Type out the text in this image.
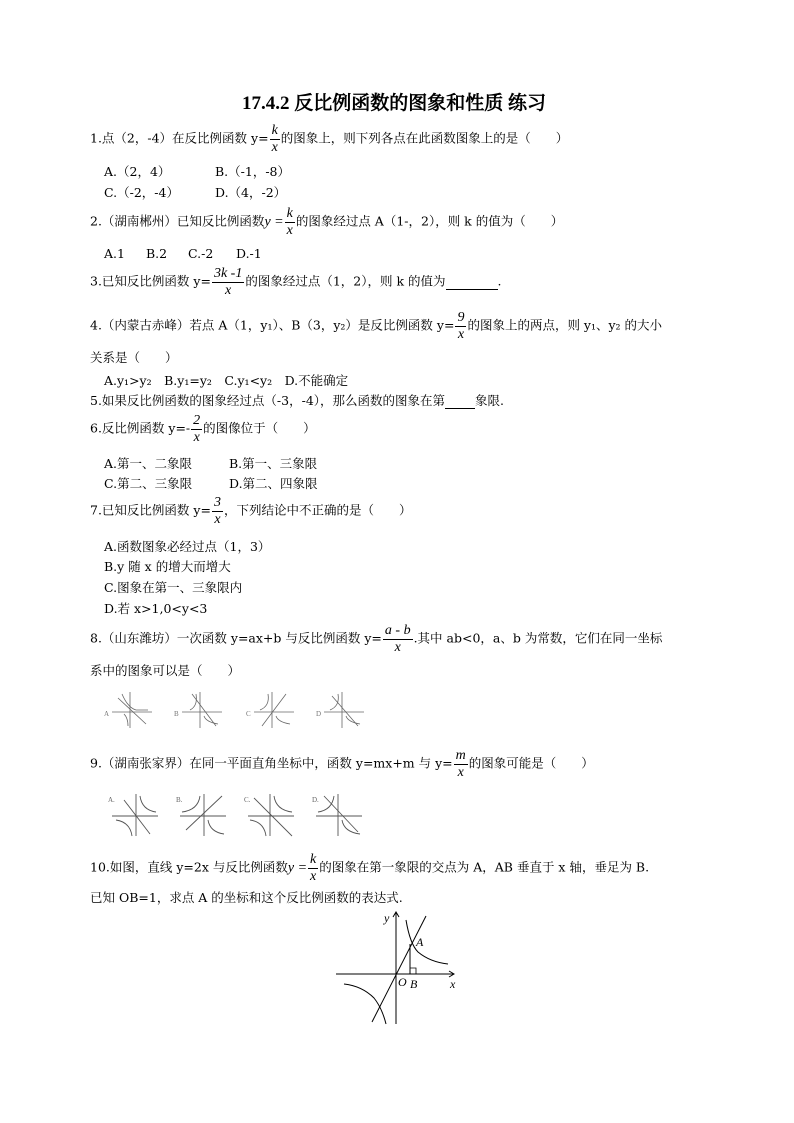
17.4.2 反比例函数的图象和性质 练习
1.点（2，-4）在反比例函数 $y= \frac{k}{x}$ 的图象上，则下列各点在此函数图象上的是（　　）
A.（2，4）	B.（-1，-8）
C.（-2，-4）	D.（4，-2）
2.（湖南郴州）已知反比例函数$y = \frac{k}{x}$ 的图象经过点 A（1-，2），则 k 的值为（　　）
A.1 B.2 C.-2 D.-1
3.已知反比例函数 $y= \frac{3k -1}{x}$ 的图象经过点（1，2），则 k 的值为	.
4.（内蒙古赤峰）若点 A（1，y₁）、B（3，y₂）是反比例函数 $y= \frac{9}{x}$ 的图象上的两点，则 y₁、y₂ 的大小
关系是（　　）
A.y₁>y₂　B.y₁=y₂　C.y₁<y₂　D.不能确定
5.如果反比例函数的图象经过点（-3，-4），那么函数的图象在第 象限.
6.反比例函数 $y=- \frac{2}{x}$ 的图像位于（　　）
A.第一、二象限	B.第一、三象限
C.第二、三象限	D.第二、四象限
7.已知反比例函数 $y= \frac{3}{x}$ ，下列结论中不正确的是（　　）
A.函数图象必经过点（1，3）
B.y 随 x 的增大而增大
C.图象在第一、三象限内
D.若 x>1,0<y<3
8.（山东潍坊）一次函数 y=ax+b 与反比例函数 $y= \frac{a - b}{x}$ .其中 ab<0，a、b 为常数，它们在同一坐标
系中的图象可以是（　　）
A	B	C	D
9.（湖南张家界）在同一平面直角坐标中，函数 y=mx+m 与 $y= \frac{m}{x}$ 的图象可能是（　　）
A.	B.	C.	D.
10.如图，直线 y=2x 与反比例函数$y = \frac{k}{x}$ 的图象在第一象限的交点为 A，AB 垂直于 x 轴，垂足为 B.
已知 OB=1，求点 A 的坐标和这个反比例函数的表达式.
y
x
A
O B
